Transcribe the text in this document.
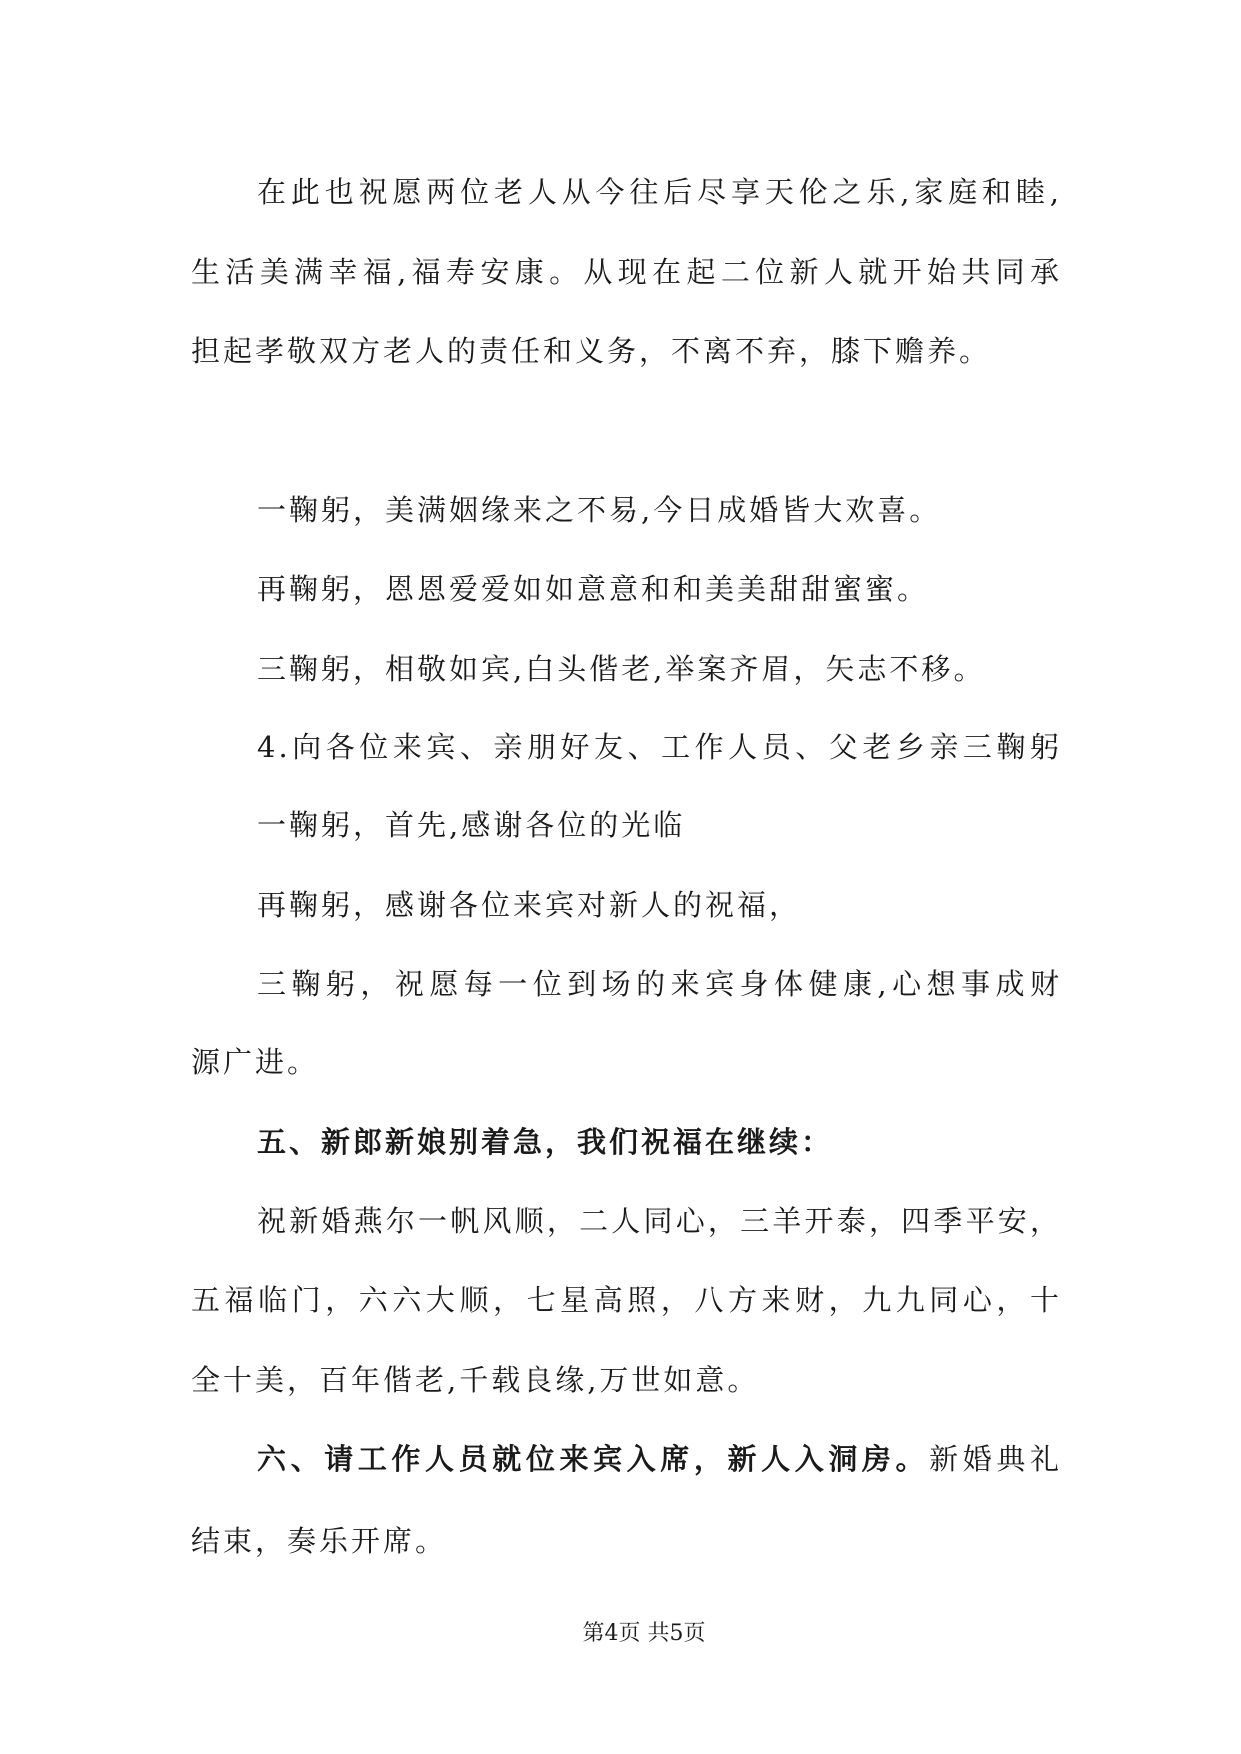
在此也祝愿两位老人从今往后尽享天伦之乐,家庭和睦,
生活美满幸福,福寿安康。从现在起二位新人就开始共同承
担起孝敬双方老人的责任和义务，不离不弃，膝下赡养。
一鞠躬，美满姻缘来之不易,今日成婚皆大欢喜。
再鞠躬，恩恩爱爱如如意意和和美美甜甜蜜蜜。
三鞠躬，相敬如宾,白头偕老,举案齐眉，矢志不移。
4.向各位来宾、亲朋好友、工作人员、父老乡亲三鞠躬
一鞠躬，首先,感谢各位的光临
再鞠躬，感谢各位来宾对新人的祝福，
三鞠躬，祝愿每一位到场的来宾身体健康,心想事成财
源广进。
五、新郎新娘别着急，我们祝福在继续：
祝新婚燕尔一帆风顺，二人同心，三羊开泰，四季平安，
五福临门，六六大顺，七星高照，八方来财，九九同心，十
全十美，百年偕老,千载良缘,万世如意。
六、请工作人员就位来宾入席，新人入洞房。新婚典礼
结束，奏乐开席。
第4页 共5页
